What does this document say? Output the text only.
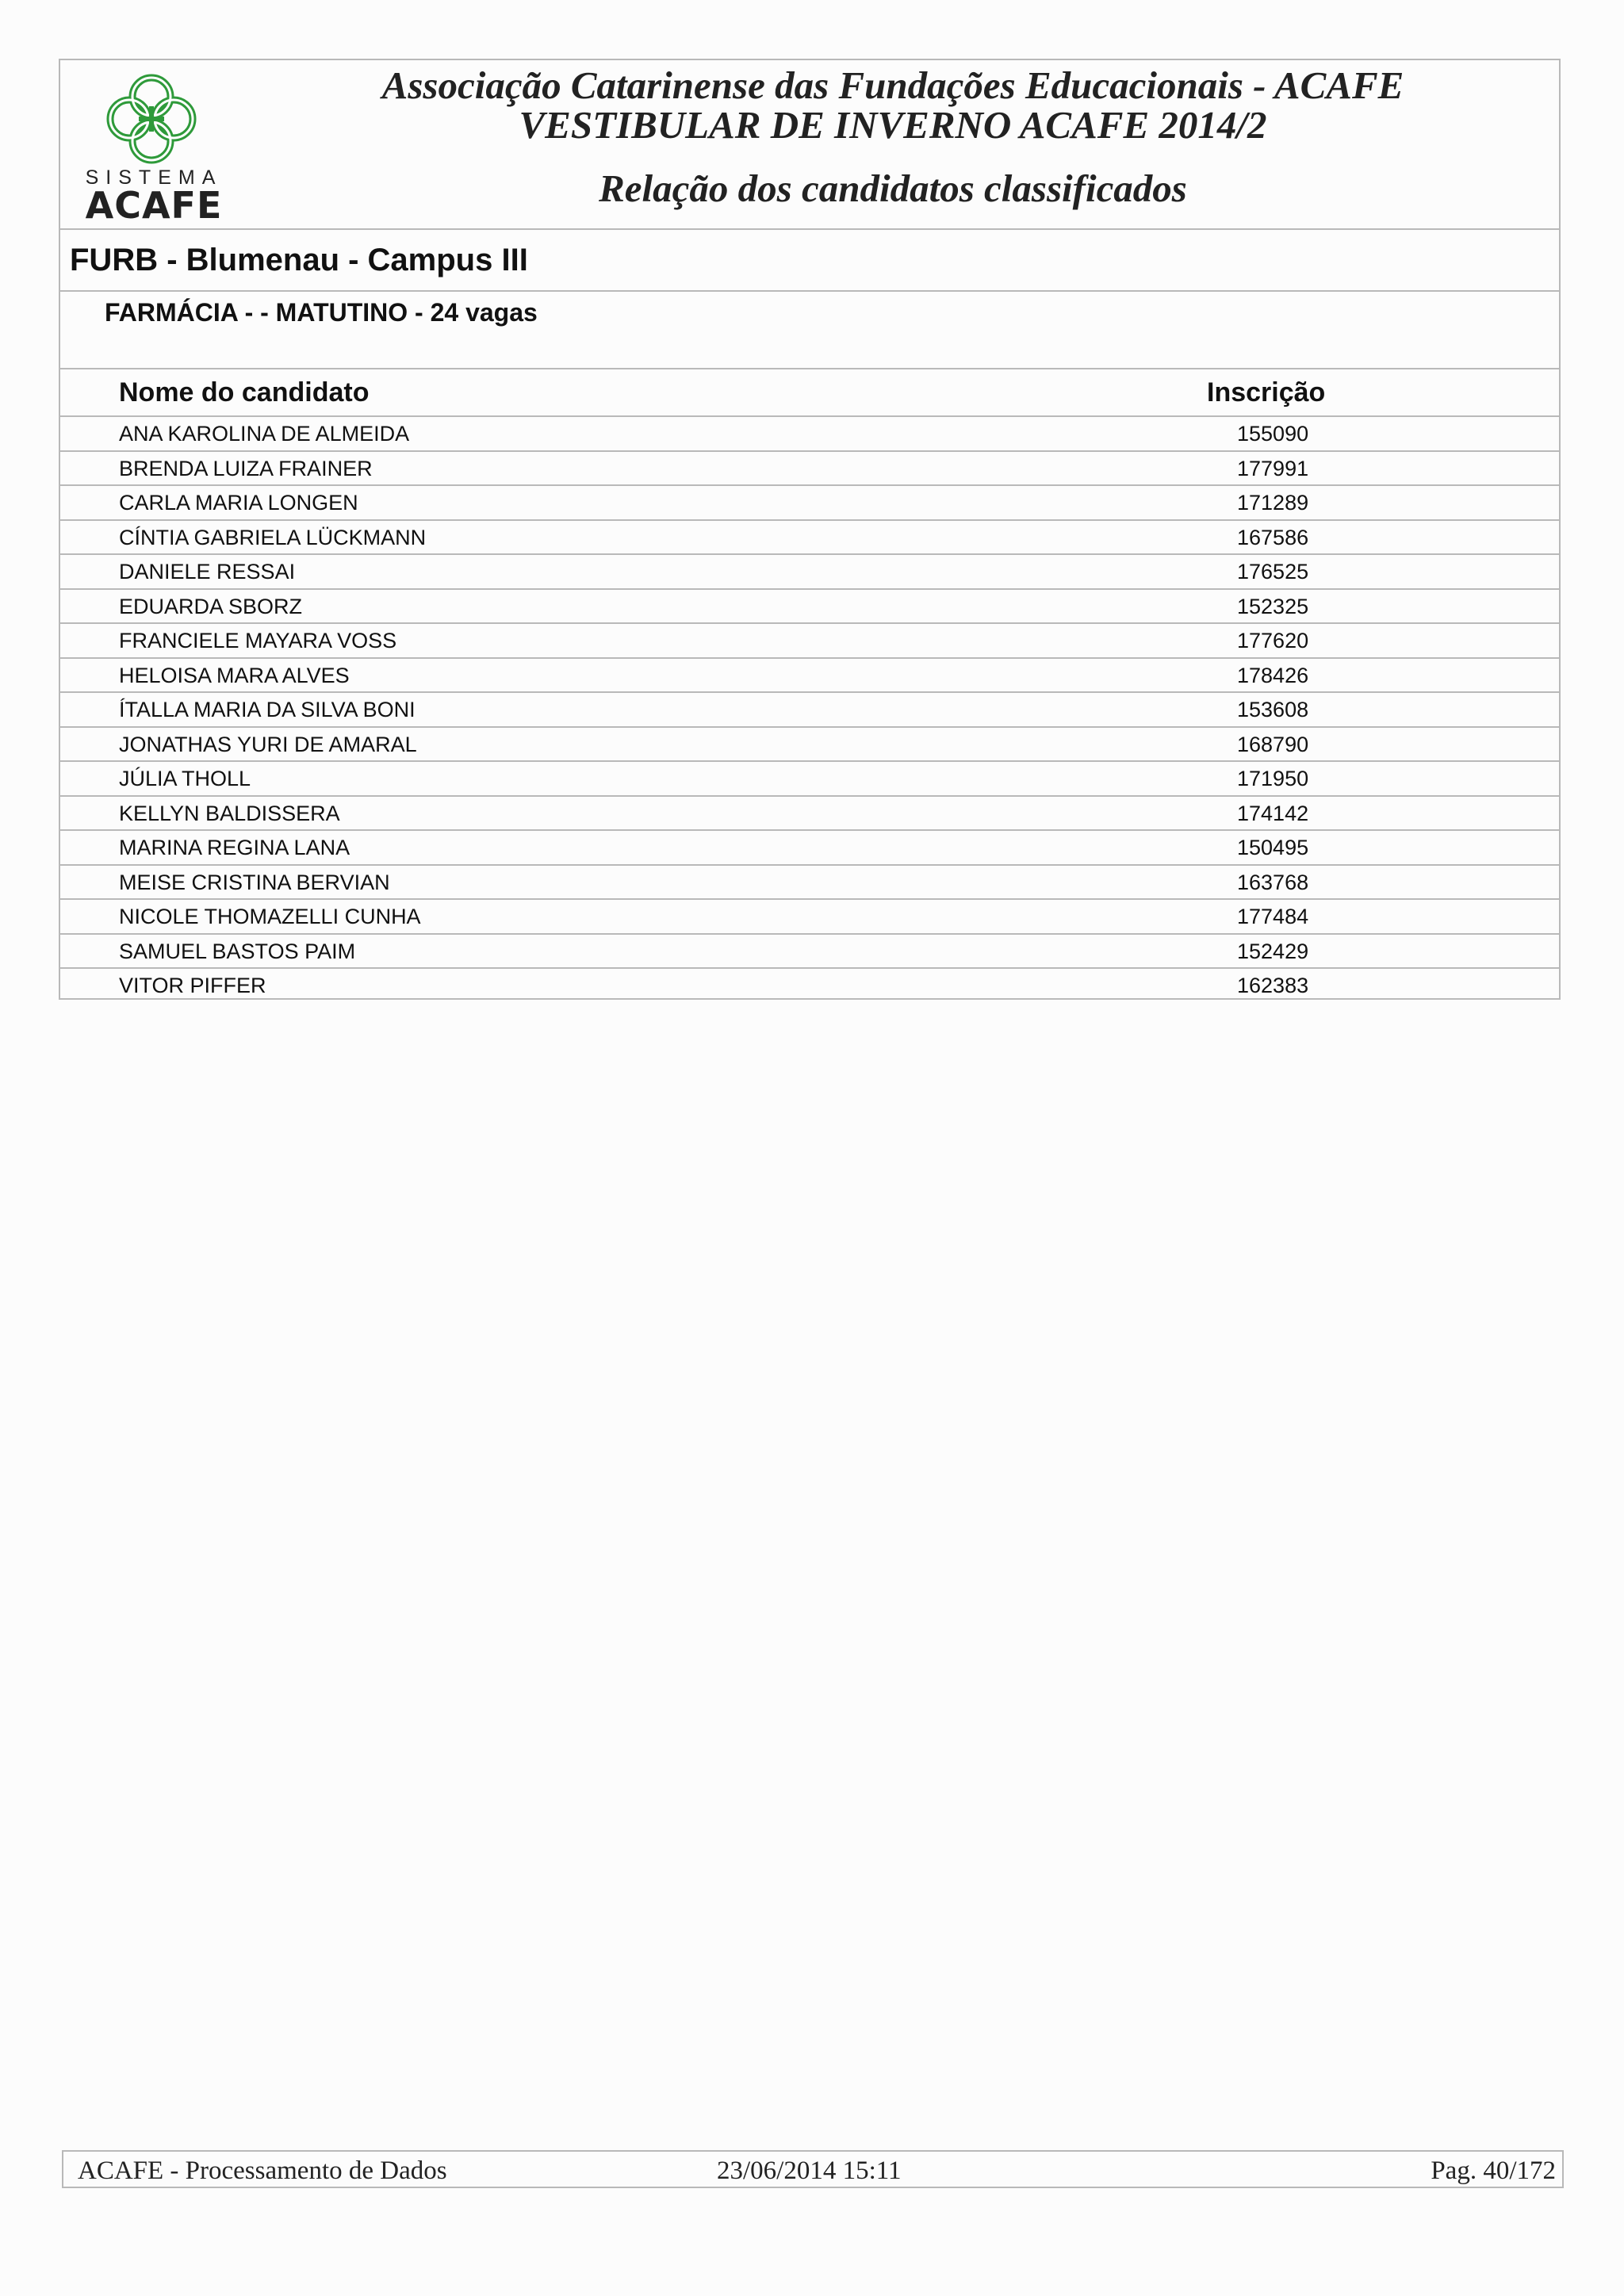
SISTEMA
ACAFE
Associação Catarinense das Fundações Educacionais - ACAFE
VESTIBULAR DE INVERNO ACAFE 2014/2
Relação dos candidatos classificados
FURB - Blumenau - Campus III
FARMÁCIA - - MATUTINO - 24 vagas
Nome do candidato	Inscrição
ANA KAROLINA DE ALMEIDA	155090
BRENDA LUIZA FRAINER	177991
CARLA MARIA LONGEN	171289
CÍNTIA GABRIELA LÜCKMANN	167586
DANIELE RESSAI	176525
EDUARDA SBORZ	152325
FRANCIELE MAYARA VOSS	177620
HELOISA MARA ALVES	178426
ÍTALLA MARIA DA SILVA BONI	153608
JONATHAS YURI DE AMARAL	168790
JÚLIA THOLL	171950
KELLYN BALDISSERA	174142
MARINA REGINA LANA	150495
MEISE CRISTINA BERVIAN	163768
NICOLE THOMAZELLI CUNHA	177484
SAMUEL BASTOS PAIM	152429
VITOR PIFFER	162383
ACAFE - Processamento de Dados	23/06/2014 15:11	Pag. 40/172
